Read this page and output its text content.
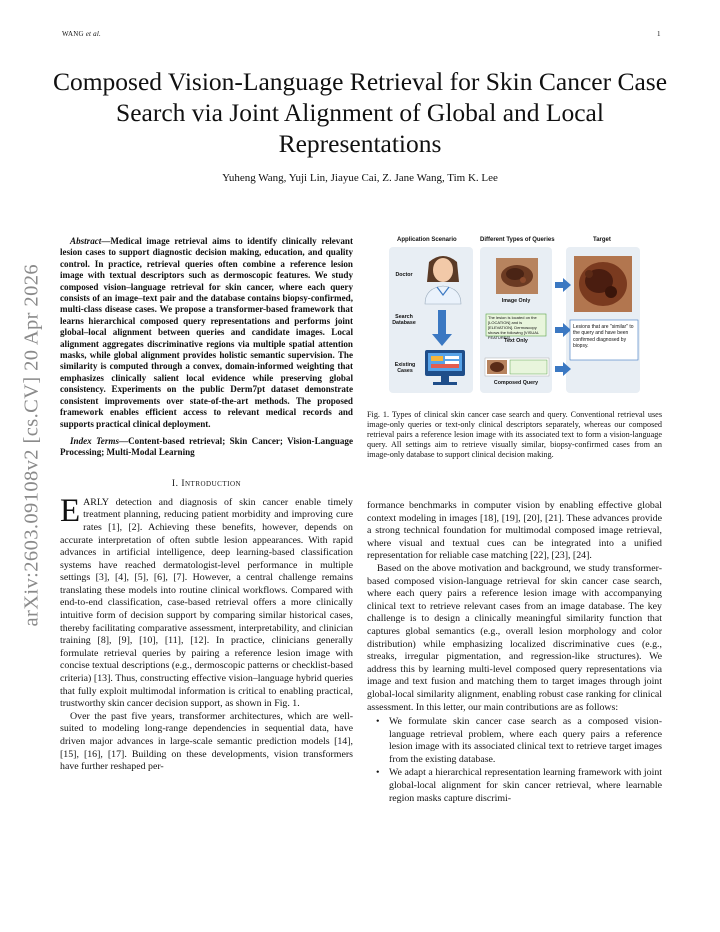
WANG et al.	1
arXiv:2603.09108v2 [cs.CV] 20 Apr 2026
Composed Vision-Language Retrieval for Skin Cancer Case Search via Joint Alignment of Global and Local Representations
Yuheng Wang, Yuji Lin, Jiayue Cai, Z. Jane Wang, Tim K. Lee
Abstract—Medical image retrieval aims to identify clinically relevant lesion cases to support diagnostic decision making, education, and quality control. In practice, retrieval queries often combine a reference lesion image with textual descriptors such as dermoscopic features. We study composed vision–language retrieval for skin cancer, where each query consists of an image–text pair and the database contains biopsy-confirmed, multi-class disease cases. We propose a transformer-based framework that learns hierarchical composed query representations and performs joint global–local alignment between queries and candidate images. Local alignment aggregates discriminative regions via multiple spatial attention masks, while global alignment provides holistic semantic supervision. The similarity is computed through a convex, domain-informed weighting that emphasizes clinically salient local evidence while preserving global consistency. Experiments on the public Derm7pt dataset demonstrate consistent improvements over state-of-the-art methods. The proposed framework enables efficient access to relevant medical records and supports practical clinical deployment.
Index Terms—Content-based retrieval; Skin Cancer; Vision-Language Processing; Multi-Modal Learning
I. Introduction

EARLY detection and diagnosis of skin cancer enable timely treatment planning, reducing patient morbidity and improving cure rates [1], [2]. Achieving these benefits, however, depends on accurate interpretation of often subtle lesion appearances. With rapid advances in artificial intelligence, deep learning-based classification systems have reached dermatologist-level performance in multiple settings [3], [4], [5], [6], [7]. However, a central challenge remains translating these models into routine clinical workflows. Compared with end-to-end classification, case-based retrieval offers a more clinically intuitive form of decision support by comparing similar historical cases, thereby facilitating comparative assessment, interpretability, and clinician training [8], [9], [10], [11], [12]. In practice, clinicians generally formulate retrieval queries by pairing a reference lesion image with concise textual descriptions (e.g., dermoscopic patterns or checklist-based criteria) [13]. Thus, constructing effective vision–language hybrid queries that fully exploit multimodal information is critical to enabling practical, trustworthy skin cancer decision support, as shown in Fig. 1.

Over the past five years, transformer architectures, which are well-suited to modeling long-range dependencies in sequential data, have driven major advances in large-scale semantic prediction models [14], [15], [16], [17]. Building on these developments, vision transformers have further reshaped per-

Application Scenario	Different Types of Queries	Target
Doctor
Search Database
Existing Cases
Image Only
Text Only
Composed Query
The lesion is located on the [LOCATION] and is [ELEVATION]. Dermoscopy shows the following [VISUAL FEATURES].
Lesions that are "similar" to the query and have been confirmed diagnosed by biopsy.
Fig. 1. Types of clinical skin cancer case search and query. Conventional retrieval uses image-only queries or text-only clinical descriptors separately, whereas our composed retrieval pairs a reference lesion image with its associated text to form a vision-language query. All settings aim to retrieve visually similar, biopsy-confirmed cases from an image-only database to support clinical decision making.

formance benchmarks in computer vision by enabling effective global context modeling in images [18], [19], [20], [21]. These advances provide a strong technical foundation for multimodal composed image retrieval, where visual and textual cues can be integrated into a unified representation for reliable case matching [22], [23], [24].

Based on the above motivation and background, we study transformer-based composed vision-language retrieval for skin cancer case search, where each query pairs a reference lesion image with accompanying clinical text to retrieve relevant cases from an image database. The key challenge is to design a clinically meaningful similarity function that captures global semantics (e.g., overall lesion morphology and color distribution) while emphasizing localized discriminative cues (e.g., streaks, irregular pigmentation, and regression-like structures). We address this by learning multi-level composed query representations via image and text fusion and matching them to target images through joint global-local similarity alignment, enabling robust case ranking for clinical assessment. In this letter, our main contributions are as follows:

• We formulate skin cancer case search as a composed vision-language retrieval problem, where each query pairs a reference lesion image with its associated clinical text to retrieve target images from the existing database.
• We adapt a hierarchical representation learning framework with joint global-local alignment for skin cancer retrieval, where learnable region masks capture discrimi-
